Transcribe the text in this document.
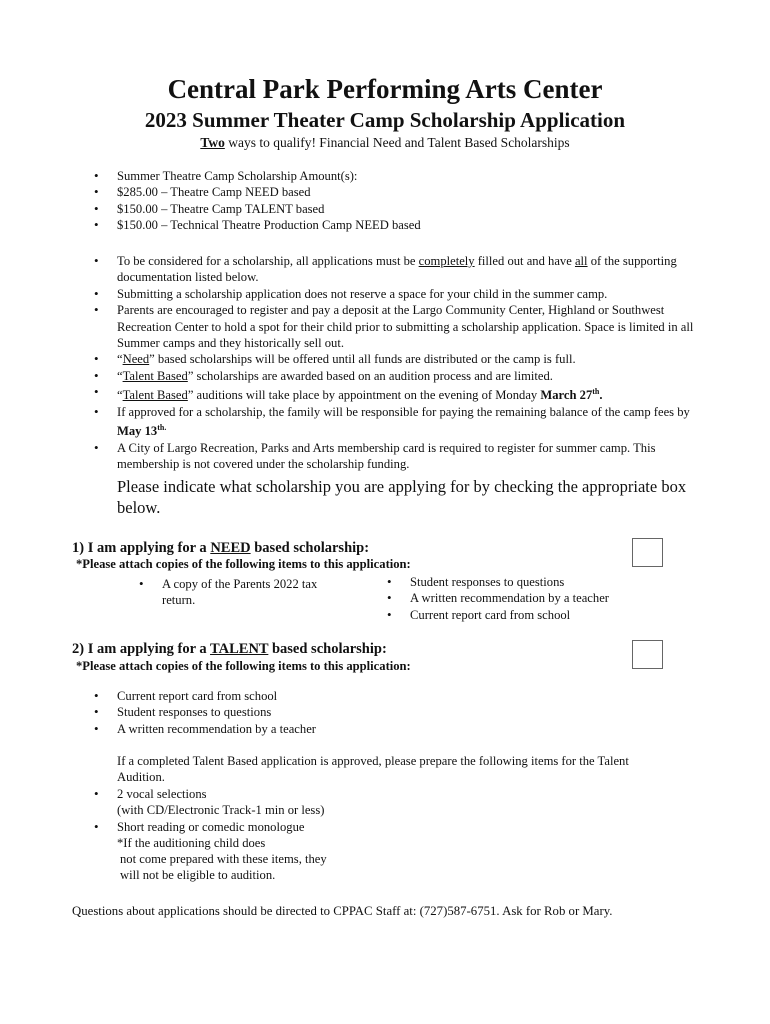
Central Park Performing Arts Center
2023 Summer Theater Camp Scholarship Application
Two ways to qualify! Financial Need and Talent Based Scholarships
• Summer Theatre Camp Scholarship Amount(s):
• $285.00 – Theatre Camp NEED based
• $150.00 – Theatre Camp TALENT based
• $150.00 – Technical Theatre Production Camp NEED based
• To be considered for a scholarship, all applications must be completely filled out and have all of the supporting documentation listed below.
• Submitting a scholarship application does not reserve a space for your child in the summer camp.
• Parents are encouraged to register and pay a deposit at the Largo Community Center, Highland or Southwest Recreation Center to hold a spot for their child prior to submitting a scholarship application. Space is limited in all Summer camps and they historically sell out.
• “Need” based scholarships will be offered until all funds are distributed or the camp is full.
• “Talent Based” scholarships are awarded based on an audition process and are limited.
• “Talent Based” auditions will take place by appointment on the evening of Monday March 27th.
• If approved for a scholarship, the family will be responsible for paying the remaining balance of the camp fees by May $13^{th.}$
• A City of Largo Recreation, Parks and Arts membership card is required to register for summer camp. This membership is not covered under the scholarship funding.
Please indicate what scholarship you are applying for by checking the appropriate box below.
1) I am applying for a NEED based scholarship:
*Please attach copies of the following items to this application:
• A copy of the Parents 2022 tax return.
• Student responses to questions
• A written recommendation by a teacher
• Current report card from school
2) I am applying for a TALENT based scholarship:
*Please attach copies of the following items to this application:
• Current report card from school
• Student responses to questions
• A written recommendation by a teacher
If a completed Talent Based application is approved, please prepare the following items for the Talent Audition.
• 2 vocal selections
(with CD/Electronic Track-1 min or less)
• Short reading or comedic monologue
*If the auditioning child does
not come prepared with these items, they
will not be eligible to audition.
Questions about applications should be directed to CPPAC Staff at: (727)587-6751. Ask for Rob or Mary.
